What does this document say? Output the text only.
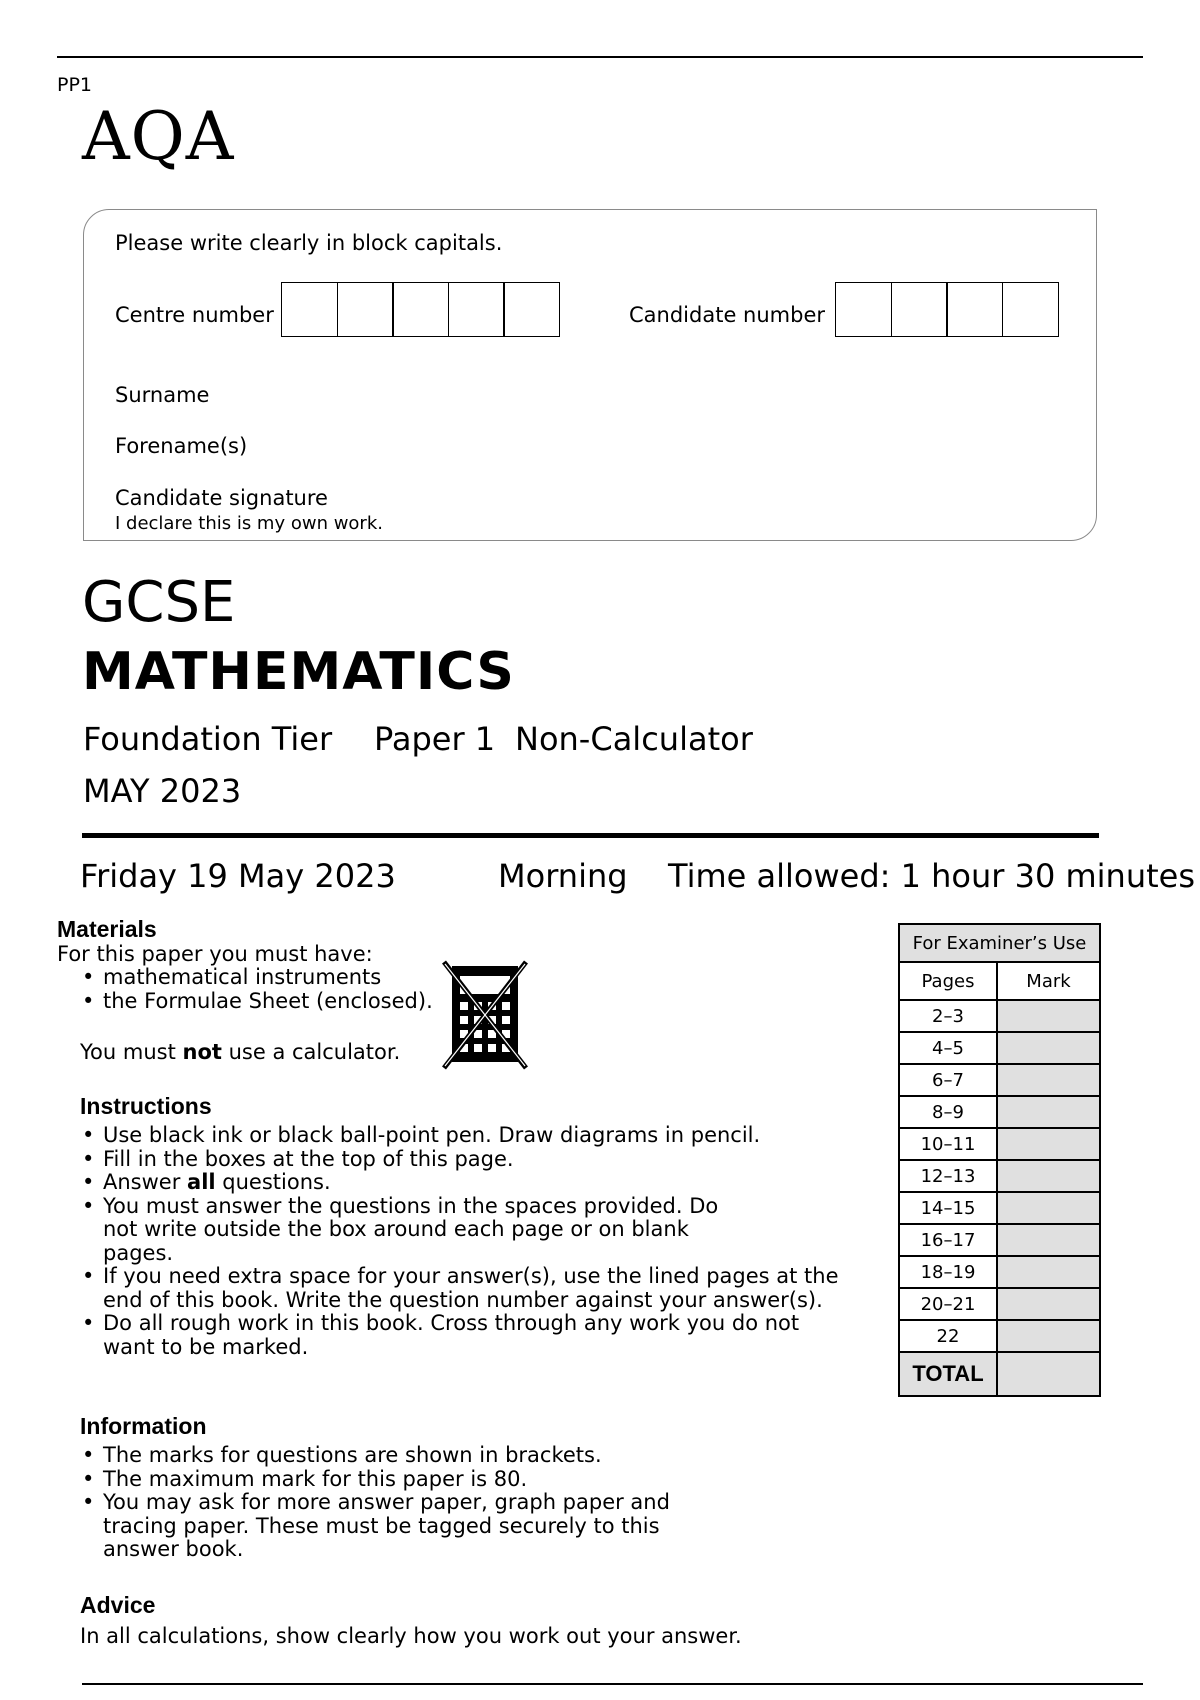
PP1
AQA
Please write clearly in block capitals.
Centre number	Candidate number
Surname
Forename(s)
Candidate signature
I declare this is my own work.
GCSE
MATHEMATICS
Foundation Tier Paper 1 Non-Calculator
MAY 2023
Friday 19 May 2023	Morning Time allowed: 1 hour 30 minutes
Materials
For this paper you must have:
• mathematical instruments
• the Formulae Sheet (enclosed).
You must not use a calculator.
Instructions
• Use black ink or black ball-point pen. Draw diagrams in pencil.
• Fill in the boxes at the top of this page.
• Answer all questions.
• You must answer the questions in the spaces provided. Do not write outside the box around each page or on blank pages.
• If you need extra space for your answer(s), use the lined pages at the end of this book. Write the question number against your answer(s).
• Do all rough work in this book. Cross through any work you do not want to be marked.
Information
• The marks for questions are shown in brackets.
• The maximum mark for this paper is 80.
• You may ask for more answer paper, graph paper and tracing paper. These must be tagged securely to this answer book.
Advice
In all calculations, show clearly how you work out your answer.
For Examiner’s Use	
Pages	Mark
2–3	
4–5	
6–7	
8–9	
10–11	
12–13	
14–15	
16–17	
18–19	
20–21	
22	
TOTAL	
